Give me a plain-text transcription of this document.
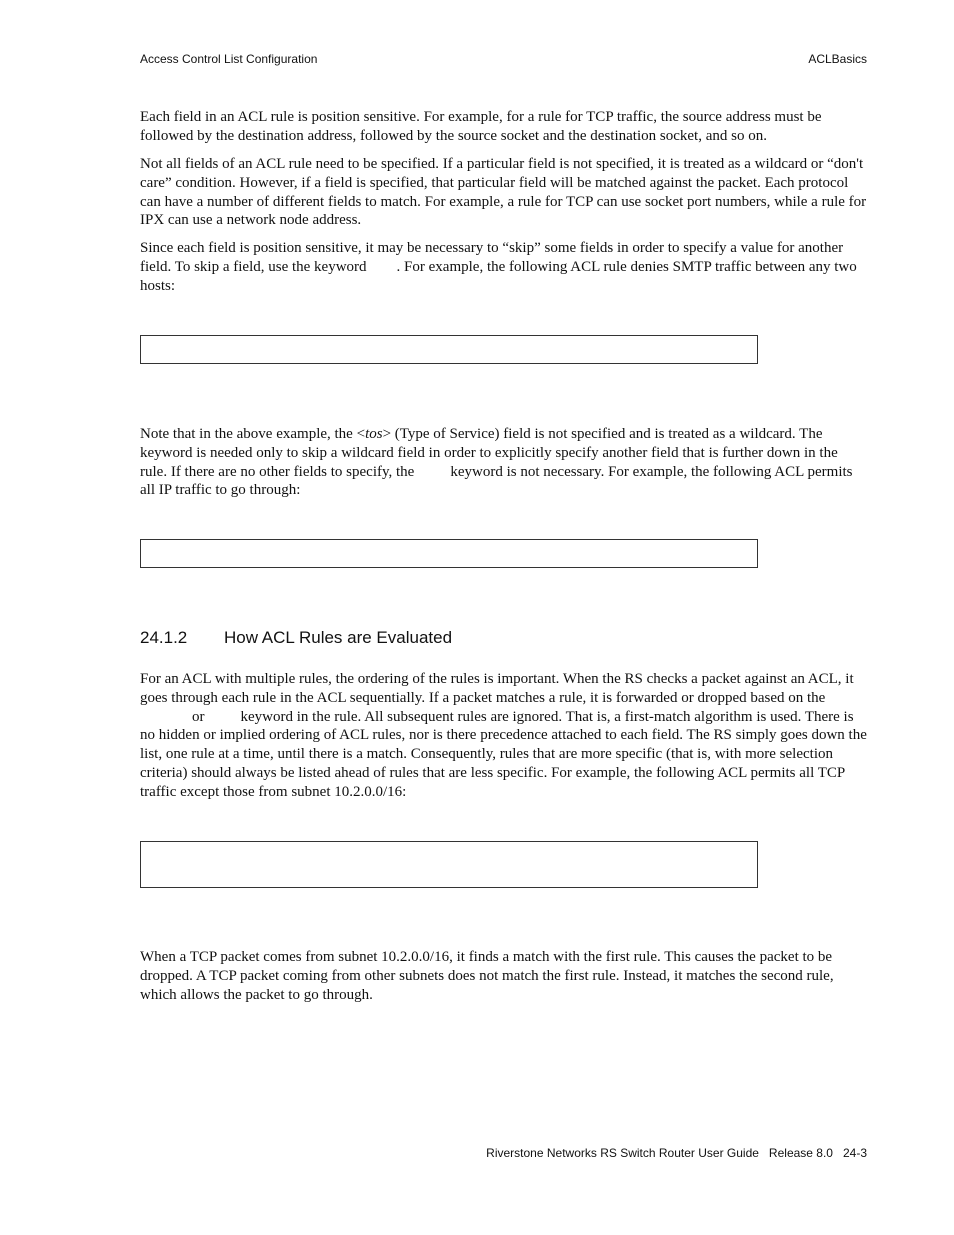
Access Control List Configuration	ACLBasics

Each field in an ACL rule is position sensitive. For example, for a rule for TCP traffic, the source address must be followed by the destination address, followed by the source socket and the destination socket, and so on.

Not all fields of an ACL rule need to be specified. If a particular field is not specified, it is treated as a wildcard or “don't care” condition. However, if a field is specified, that particular field will be matched against the packet. Each protocol can have a number of different fields to match. For example, a rule for TCP can use socket port numbers, while a rule for IPX can use a network node address.

Since each field is position sensitive, it may be necessary to “skip” some fields in order to specify a value for another field. To skip a field, use the keyword . For example, the following ACL rule denies SMTP traffic between any two hosts:

Note that in the above example, the <tos> (Type of Service) field is not specified and is treated as a wildcard. The keyword is needed only to skip a wildcard field in order to explicitly specify another field that is further down in the rule. If there are no other fields to specify, the keyword is not necessary. For example, the following ACL permits all IP traffic to go through:

24.1.2 How ACL Rules are Evaluated

For an ACL with multiple rules, the ordering of the rules is important. When the RS checks a packet against an ACL, it goes through each rule in the ACL sequentially. If a packet matches a rule, it is forwarded or dropped based on theor keyword in the rule. All subsequent rules are ignored. That is, a first-match algorithm is used. There is no hidden or implied ordering of ACL rules, nor is there precedence attached to each field. The RS simply goes down the list, one rule at a time, until there is a match. Consequently, rules that are more specific (that is, with more selection criteria) should always be listed ahead of rules that are less specific. For example, the following ACL permits all TCP traffic except those from subnet 10.2.0.0/16:

When a TCP packet comes from subnet 10.2.0.0/16, it finds a match with the first rule. This causes the packet to be dropped. A TCP packet coming from other subnets does not match the first rule. Instead, it matches the second rule, which allows the packet to go through.

Riverstone Networks RS Switch Router User Guide   Release 8.0   24-3
